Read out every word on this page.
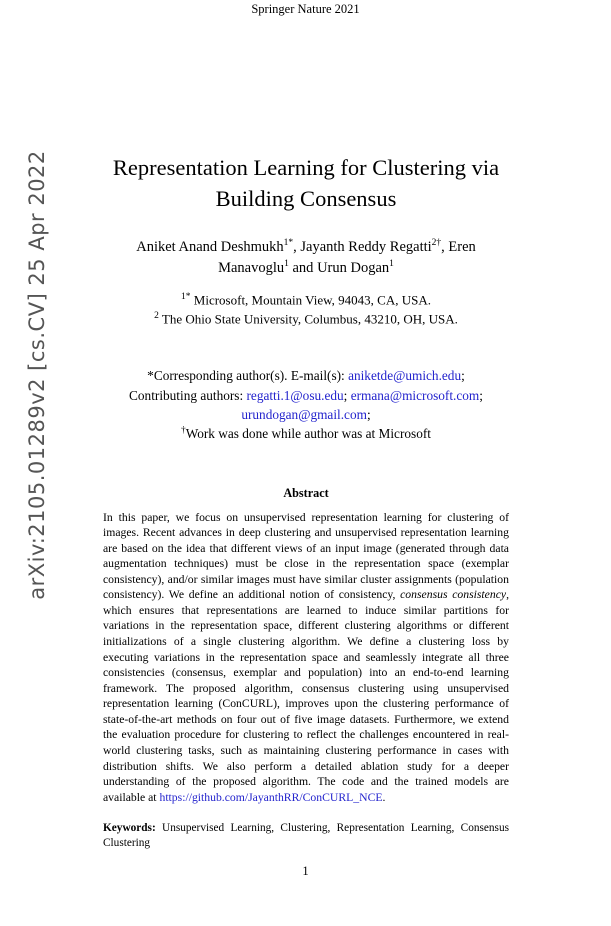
Springer Nature 2021
arXiv:2105.01289v2 [cs.CV] 25 Apr 2022	Representation Learning for Clustering via
Building Consensus
Aniket Anand Deshmukh$^{1*}$, Jayanth Reddy Regatti$^{2\dagger}$, Eren Manavoglu$^1$ and Urun Dogan$^1$
$^{1*}$ Microsoft, Mountain View, 94043, CA, USA.
$^2$ The Ohio State University, Columbus, 43210, OH, USA.
*Corresponding author(s). E-mail(s): aniketde@umich.edu;
Contributing authors: regatti.1@osu.edu; ermana@microsoft.com;
urundogan@gmail.com;
†Work was done while author was at Microsoft
Abstract
In this paper, we focus on unsupervised representation learning for clustering of images. Recent advances in deep clustering and unsupervised representation learning are based on the idea that different views of an input image (generated through data augmentation techniques) must be close in the representation space (exemplar consistency), and/or similar images must have similar cluster assignments (population consistency). We define an additional notion of consistency, consensus consistency, which ensures that representations are learned to induce similar partitions for variations in the representation space, different clustering algorithms or different initializations of a single clustering algorithm. We define a clustering loss by executing variations in the representation space and seamlessly integrate all three consistencies (consensus, exemplar and population) into an end-to-end learning framework. The proposed algorithm, consensus clustering using unsupervised representation learning (ConCURL), improves upon the clustering performance of state-of-the-art methods on four out of five image datasets. Furthermore, we extend the evaluation procedure for clustering to reflect the challenges encountered in real-world clustering tasks, such as maintaining clustering performance in cases with distribution shifts. We also perform a detailed ablation study for a deeper understanding of the proposed algorithm. The code and the trained models are available at https://github.com/JayanthRR/ConCURL_NCE.
Keywords: Unsupervised Learning, Clustering, Representation Learning, Consensus Clustering
1
